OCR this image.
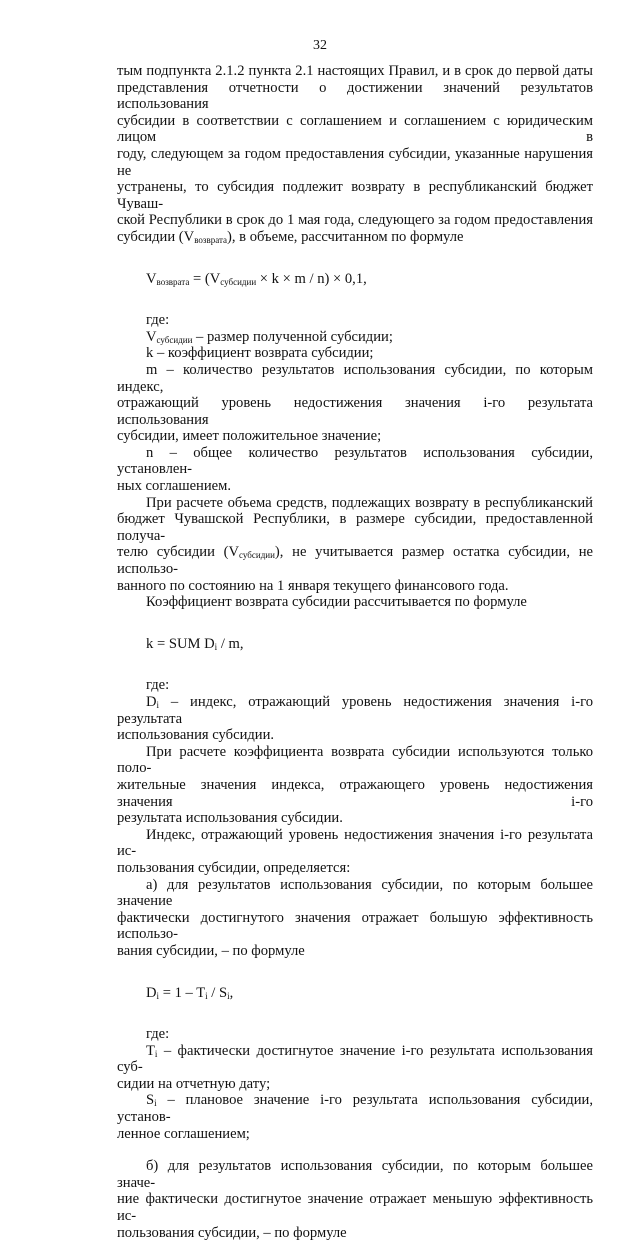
32

тым подпункта 2.1.2 пункта 2.1 настоящих Правил, и в срок до первой даты

представления отчетности о достижении значений результатов использования

субсидии в соответствии с соглашением и соглашением с юридическим лицом в

году, следующем за годом предоставления субсидии, указанные нарушения не

устранены, то субсидия подлежит возврату в республиканский бюджет Чуваш-

ской Республики в срок до 1 мая года, следующего за годом предоставления

субсидии $(V_{возврата})$, в объеме, рассчитанном по формуле

$V_{возврата} = (V_{субсидии} \times k \times m / n) \times 0,1$,

где:

$V_{субсидии}$ – размер полученной субсидии;

k – коэффициент возврата субсидии;

m – количество результатов использования субсидии, по которым индекс,

отражающий уровень недостижения значения i-го результата использования

субсидии, имеет положительное значение;

n – общее количество результатов использования субсидии, установлен-

ных соглашением.

При расчете объема средств, подлежащих возврату в республиканский

бюджет Чувашской Республики, в размере субсидии, предоставленной получа-

телю субсидии $(V_{субсидии})$, не учитывается размер остатка субсидии, не использо-

ванного по состоянию на 1 января текущего финансового года.

Коэффициент возврата субсидии рассчитывается по формуле

k = SUM $D_i$ / m,

где:

$D_i$ – индекс, отражающий уровень недостижения значения i-го результата

использования субсидии.

При расчете коэффициента возврата субсидии используются только поло-

жительные значения индекса, отражающего уровень недостижения значения i-го

результата использования субсидии.

Индекс, отражающий уровень недостижения значения i-го результата ис-

пользования субсидии, определяется:

а) для результатов использования субсидии, по которым большее значение

фактически достигнутого значения отражает большую эффективность использо-

вания субсидии, – по формуле

$D_i = 1 - T_i / S_i$,

где:

$T_i$ – фактически достигнутое значение i-го результата использования суб-

сидии на отчетную дату;

$S_i$ – плановое значение i-го результата использования субсидии, установ-

ленное соглашением;

б) для результатов использования субсидии, по которым большее значе-

ние фактически достигнутое значение отражает меньшую эффективность ис-

пользования субсидии, – по формуле
